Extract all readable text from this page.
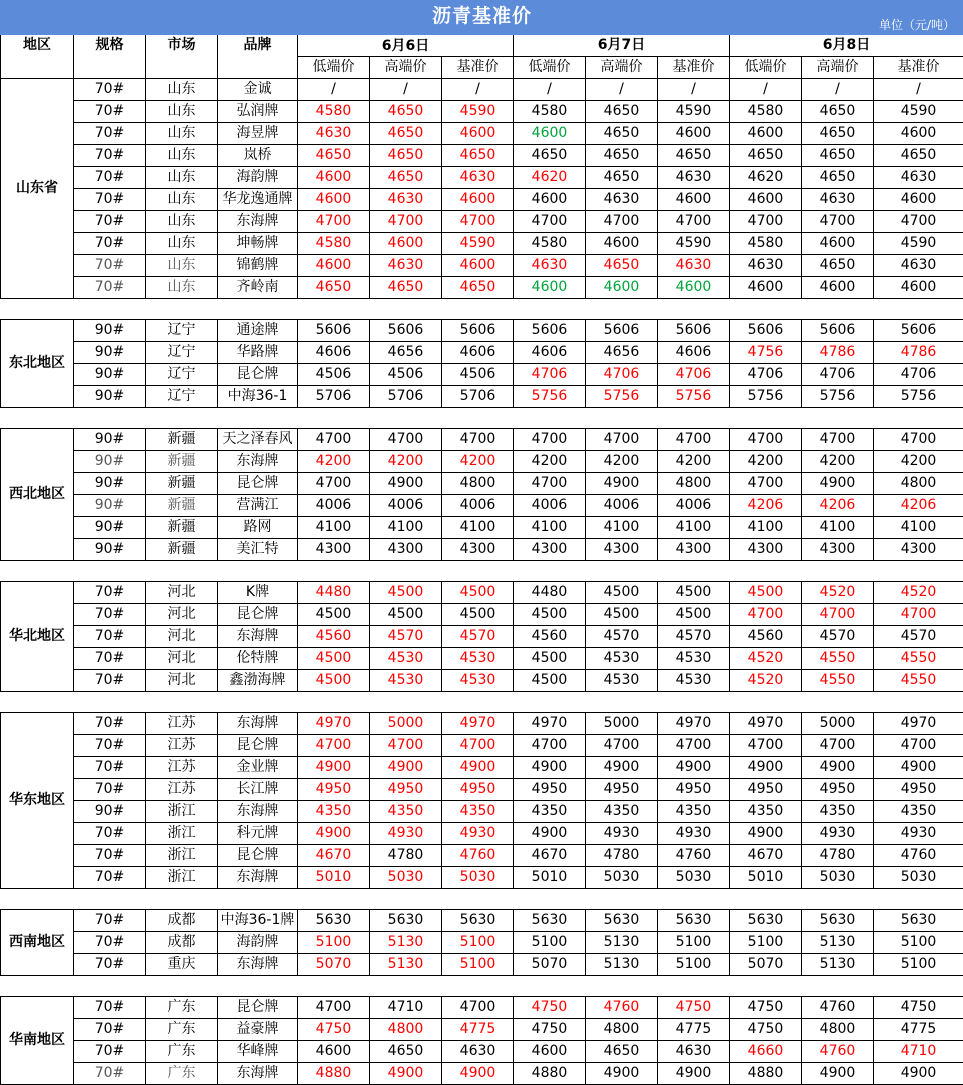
沥青基准价 单位（元/吨）												

地区	规格	市场	品牌	6月6日			6月7日			6月8日		
				低端价	高端价	基准价	低端价	高端价	基准价	低端价	高端价	基准价
山东省	70#	山东	金诚	/	/	/	/	/	/	/	/	/
	70#	山东	弘润牌	4580	4650	4590	4580	4650	4590	4580	4650	4590
	70#	山东	海昱牌	4630	4650	4600	4600	4650	4600	4600	4650	4600
	70#	山东	岚桥	4650	4650	4650	4650	4650	4650	4650	4650	4650
	70#	山东	海韵牌	4600	4650	4630	4620	4650	4630	4620	4650	4630
	70#	山东	华龙逸通牌	4600	4630	4600	4600	4630	4600	4600	4630	4600
	70#	山东	东海牌	4700	4700	4700	4700	4700	4700	4700	4700	4700
	70#	山东	坤畅牌	4580	4600	4590	4580	4600	4590	4580	4600	4590
	70#	山东	锦鹤牌	4600	4630	4600	4630	4650	4630	4630	4650	4630
	70#	山东	齐岭南	4650	4650	4650	4600	4600	4600	4600	4600	4600

东北地区	90#	辽宁	通途牌	5606	5606	5606	5606	5606	5606	5606	5606	5606
	90#	辽宁	华路牌	4606	4656	4606	4606	4656	4606	4756	4786	4786
	90#	辽宁	昆仑牌	4506	4506	4506	4706	4706	4706	4706	4706	4706
	90#	辽宁	中海36-1	5706	5706	5706	5756	5756	5756	5756	5756	5756

西北地区	90#	新疆	天之泽春风	4700	4700	4700	4700	4700	4700	4700	4700	4700
	90#	新疆	东海牌	4200	4200	4200	4200	4200	4200	4200	4200	4200
	90#	新疆	昆仑牌	4700	4900	4800	4700	4900	4800	4700	4900	4800
	90#	新疆	营满江	4006	4006	4006	4006	4006	4006	4206	4206	4206
	90#	新疆	路网	4100	4100	4100	4100	4100	4100	4100	4100	4100
	90#	新疆	美汇特	4300	4300	4300	4300	4300	4300	4300	4300	4300

华北地区	70#	河北	K牌	4480	4500	4500	4480	4500	4500	4500	4520	4520
	70#	河北	昆仑牌	4500	4500	4500	4500	4500	4500	4700	4700	4700
	70#	河北	东海牌	4560	4570	4570	4560	4570	4570	4560	4570	4570
	70#	河北	伦特牌	4500	4530	4530	4500	4530	4530	4520	4550	4550
	70#	河北	鑫渤海牌	4500	4530	4530	4500	4530	4530	4520	4550	4550

华东地区	70#	江苏	东海牌	4970	5000	4970	4970	5000	4970	4970	5000	4970
	70#	江苏	昆仑牌	4700	4700	4700	4700	4700	4700	4700	4700	4700
	70#	江苏	金业牌	4900	4900	4900	4900	4900	4900	4900	4900	4900
	70#	江苏	长江牌	4950	4950	4950	4950	4950	4950	4950	4950	4950
	90#	浙江	东海牌	4350	4350	4350	4350	4350	4350	4350	4350	4350
	70#	浙江	科元牌	4900	4930	4930	4900	4930	4930	4900	4930	4930
	70#	浙江	昆仑牌	4670	4780	4760	4670	4780	4760	4670	4780	4760
	70#	浙江	东海牌	5010	5030	5030	5010	5030	5030	5010	5030	5030

西南地区	70#	成都	中海36-1牌	5630	5630	5630	5630	5630	5630	5630	5630	5630
	70#	成都	海韵牌	5100	5130	5100	5100	5130	5100	5100	5130	5100
	70#	重庆	东海牌	5070	5130	5100	5070	5130	5100	5070	5130	5100

华南地区	70#	广东	昆仑牌	4700	4710	4700	4750	4760	4750	4750	4760	4750
	70#	广东	益豪牌	4750	4800	4775	4750	4800	4775	4750	4800	4775
	70#	广东	华峰牌	4600	4650	4630	4600	4650	4630	4660	4760	4710
	70#	广东	东海牌	4880	4900	4900	4880	4900	4900	4880	4900	4900
